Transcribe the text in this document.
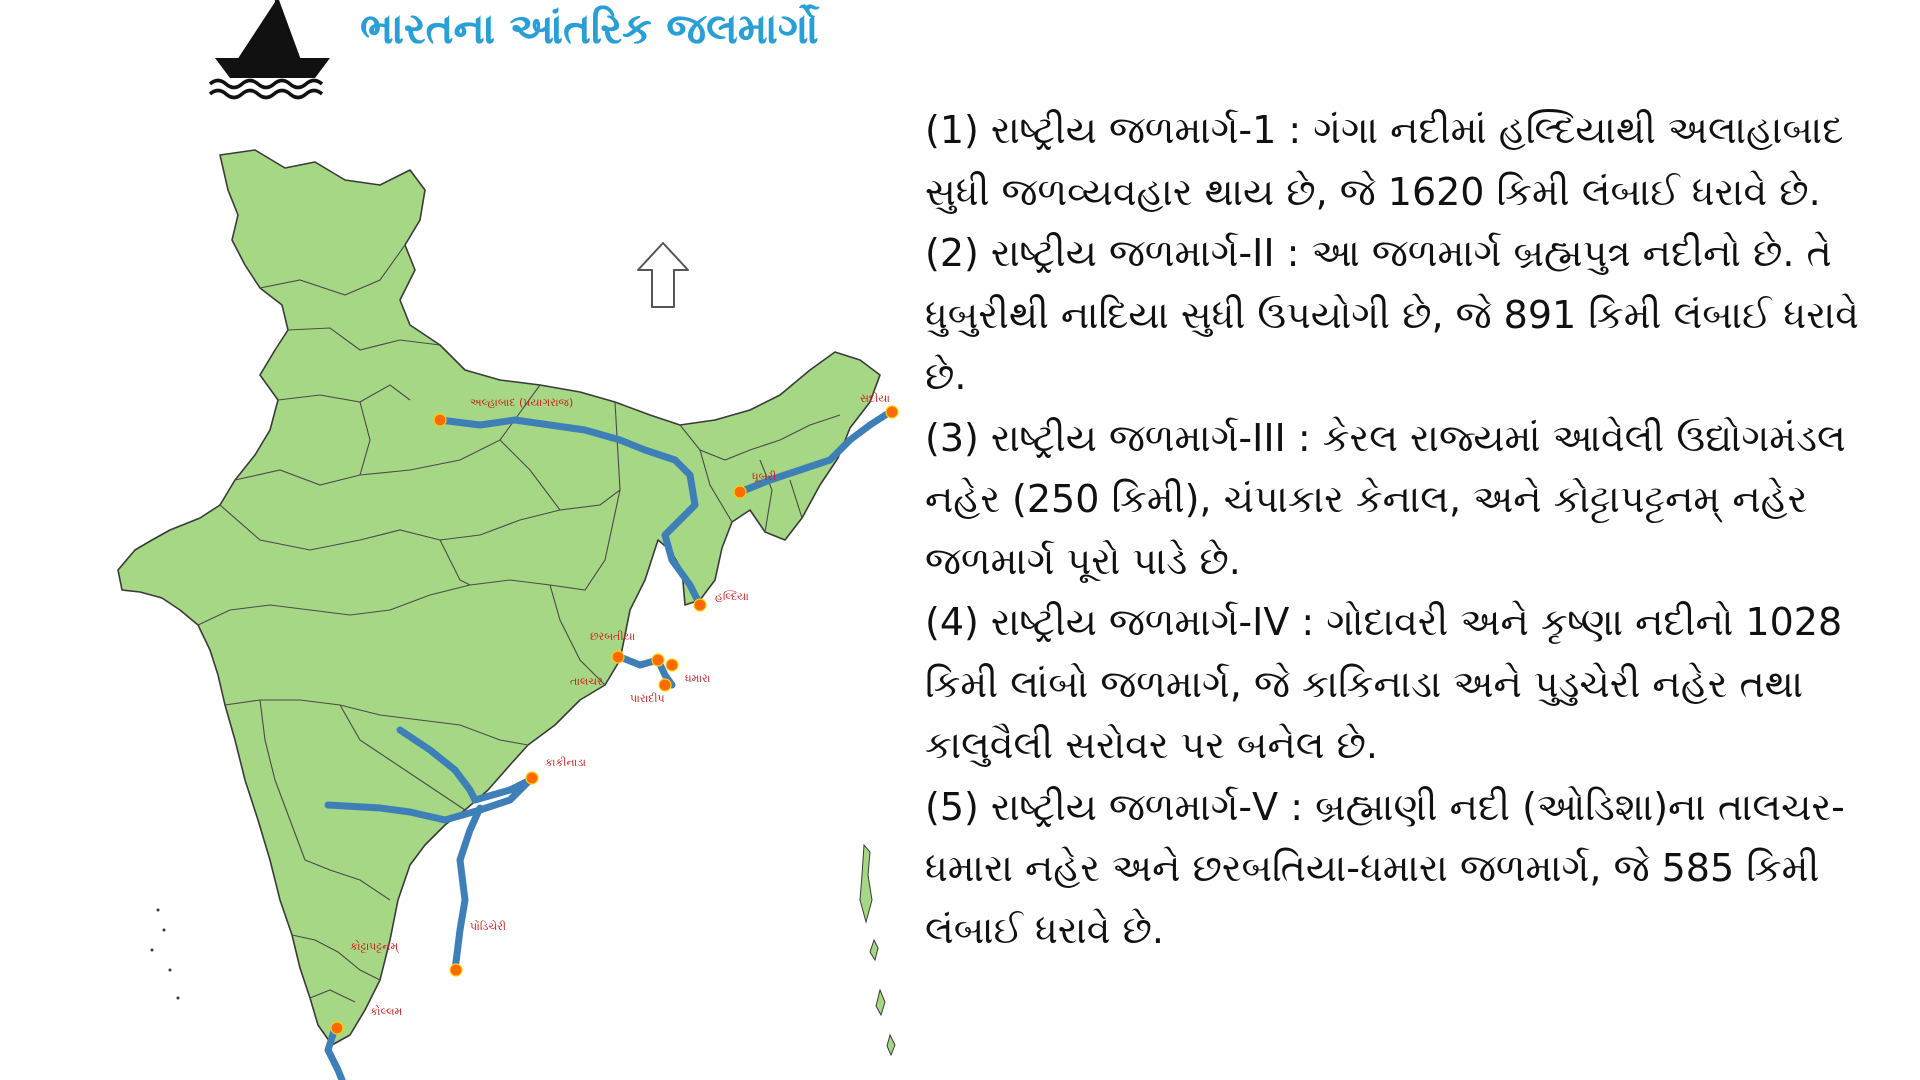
ભારતના આંતરિક જલમાર્ગો
અલ્હાબાદ (પ્રયાગરાજ)
હલ્દિયા
ધૂબરી
સદીયા
છરબતીયા
તાલચર
પારાદીપ
ધમારા
કાકીનાડા
પોંડિચેરી
કોટ્ટાપટ્ટનમ્
કોલ્લમ

(1) રાષ્ટ્રીય જળમાર્ગ-1 : ગંગા નદીમાં હલ્દિયાથી અલાહાબાદ સુધી જળવ્યવહાર થાય છે, જે 1620 કિમી લંબાઈ ધરાવે છે.

(2) રાષ્ટ્રીય જળમાર્ગ-II : આ જળમાર્ગ બ્રહ્મપુત્ર નદીનો છે. તે ધુબુરીથી નાદિયા સુધી ઉપયોગી છે, જે 891 કિમી લંબાઈ ધરાવે છે.

(3) રાષ્ટ્રીય જળમાર્ગ-III : કેરલ રાજ્યમાં આવેલી ઉદ્યોગમંડલ નહેર (250 કિમી), ચંપાકાર કેનાલ, અને કોટ્ટાપટ્ટનમ્ નહેર જળમાર્ગ પૂરો પાડે છે.

(4) રાષ્ટ્રીય જળમાર્ગ-IV : ગોદાવરી અને કૃષ્ણા નદીનો 1028 કિમી લાંબો જળમાર્ગ, જે કાકિનાડા અને પુડુચેરી નહેર તથા કાલુવૈલી સરોવર પર બનેલ છે.

(5) રાષ્ટ્રીય જળમાર્ગ-V : બ્રહ્માણી નદી (ઓડિશા)ના તાલચર-ધમારા નહેર અને છરબતિયા-ધમારા જળમાર્ગ, જે 585 કિમી લંબાઈ ધરાવે છે.
